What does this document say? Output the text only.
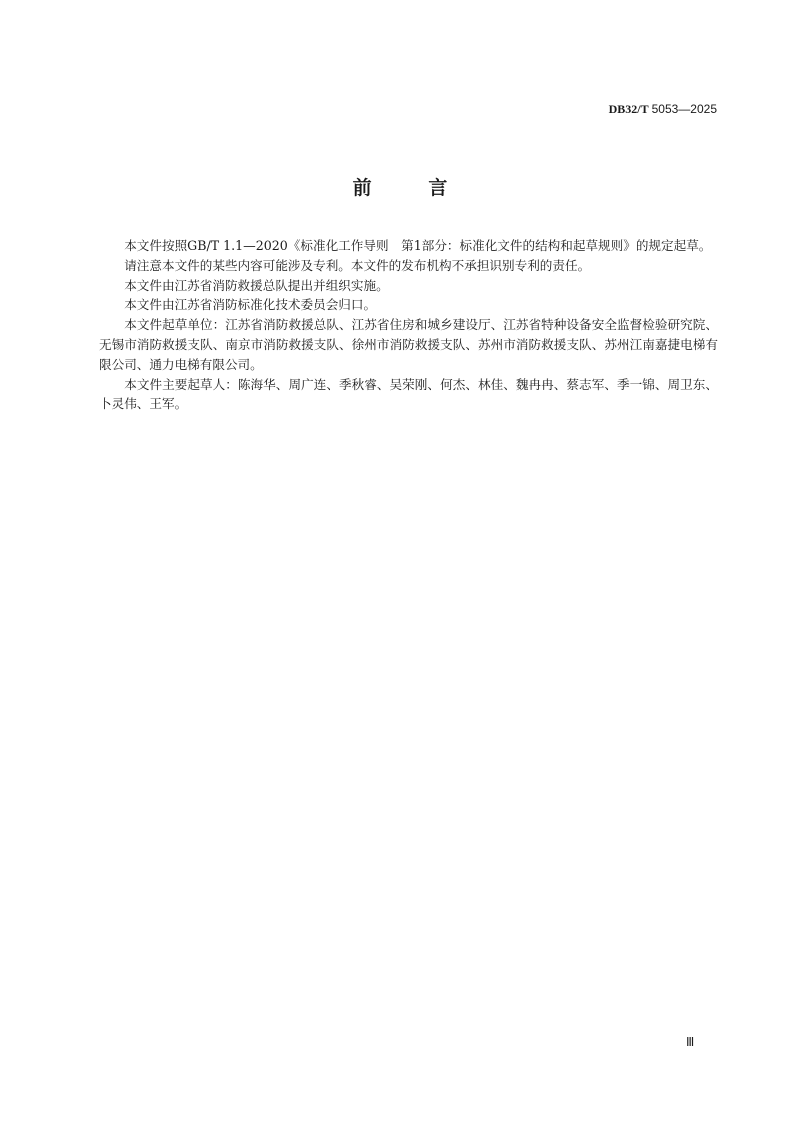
DB32/T 5053—2025
前	言

本文件按照GB/T 1.1—2020《标准化工作导则　第1部分：标准化文件的结构和起草规则》的规定起草。

请注意本文件的某些内容可能涉及专利。本文件的发布机构不承担识别专利的责任。

本文件由江苏省消防救援总队提出并组织实施。

本文件由江苏省消防标准化技术委员会归口。

本文件起草单位：江苏省消防救援总队、江苏省住房和城乡建设厅、江苏省特种设备安全监督检验研究院、无锡市消防救援支队、南京市消防救援支队、徐州市消防救援支队、苏州市消防救援支队、苏州江南嘉捷电梯有限公司、通力电梯有限公司。

本文件主要起草人：陈海华、周广连、季秋睿、吴荣刚、何杰、林佳、魏冉冉、蔡志军、季一锦、周卫东、卜灵伟、王军。

Ⅲ
